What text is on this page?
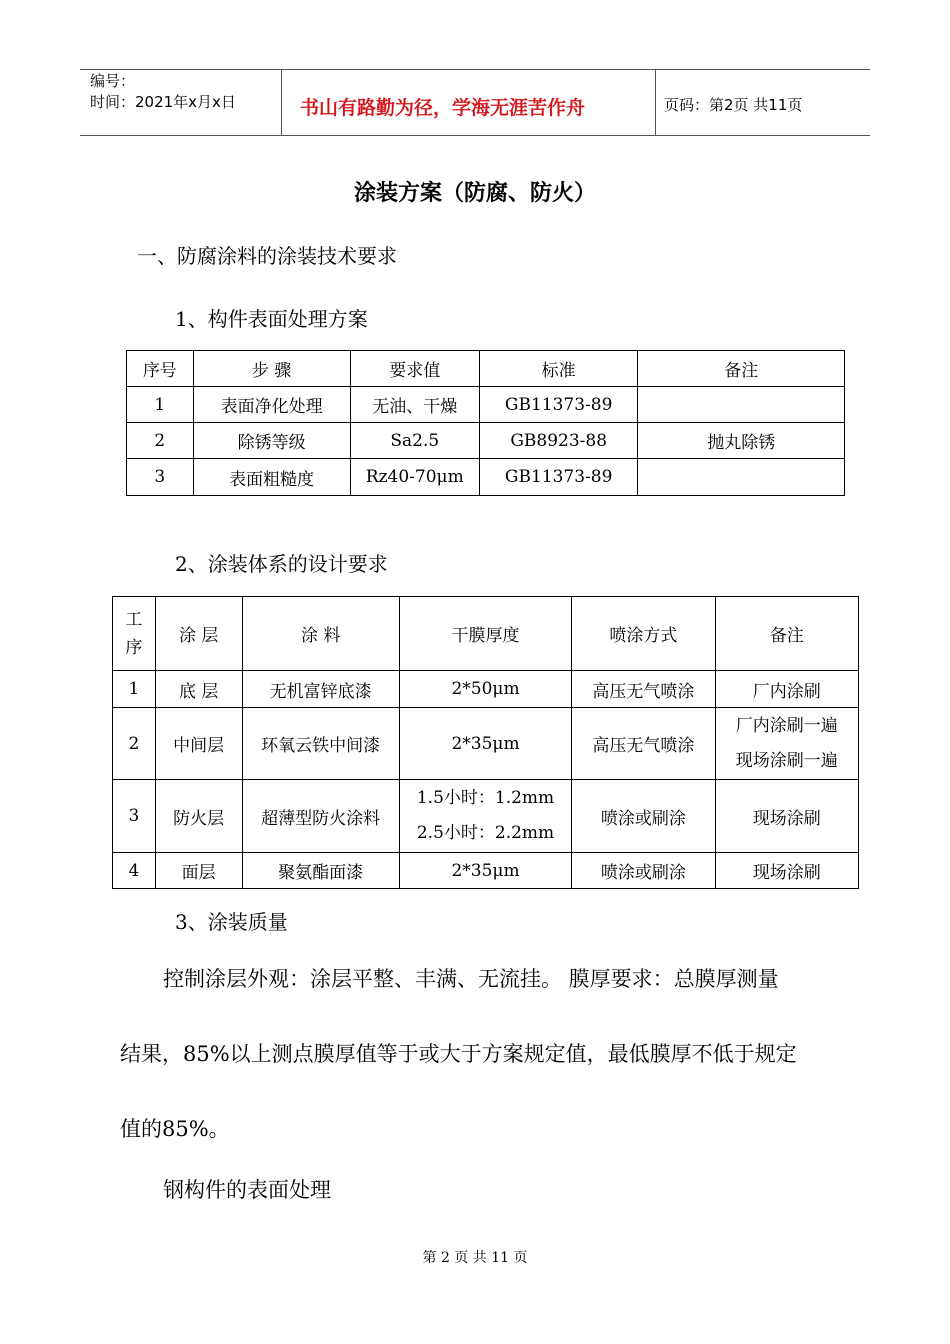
编号：
时间：2021年x月x日	书山有路勤为径，学海无涯苦作舟	页码：第2页 共11页
涂装方案（防腐、防火）
一、防腐涂料的涂装技术要求
1、构件表面处理方案
序号	步 骤	要求值	标准	备注
1	表面净化处理	无油、干燥	GB11373-89	
2	除锈等级	Sa2.5	GB8923-88	抛丸除锈
3	表面粗糙度	Rz40-70μm	GB11373-89	
2、涂装体系的设计要求
工
序	涂 层	涂 料	干膜厚度	喷涂方式	备注
1	底 层	无机富锌底漆	2*50μm	高压无气喷涂	厂内涂刷
2	中间层	环氧云铁中间漆	2*35μm	高压无气喷涂	厂内涂刷一遍
现场涂刷一遍

3	防火层	超薄型防火涂料	1.5小时：1.2mm
2.5小时：2.2mm	喷涂或刷涂	现场涂刷
4	面层	聚氨酯面漆	2*35μm	喷涂或刷涂	现场涂刷
3、涂装质量
控制涂层外观：涂层平整、丰满、无流挂。 膜厚要求：总膜厚测量
结果，85%以上测点膜厚值等于或大于方案规定值，最低膜厚不低于规定
值的85%。
钢构件的表面处理
第 2 页 共 11 页
